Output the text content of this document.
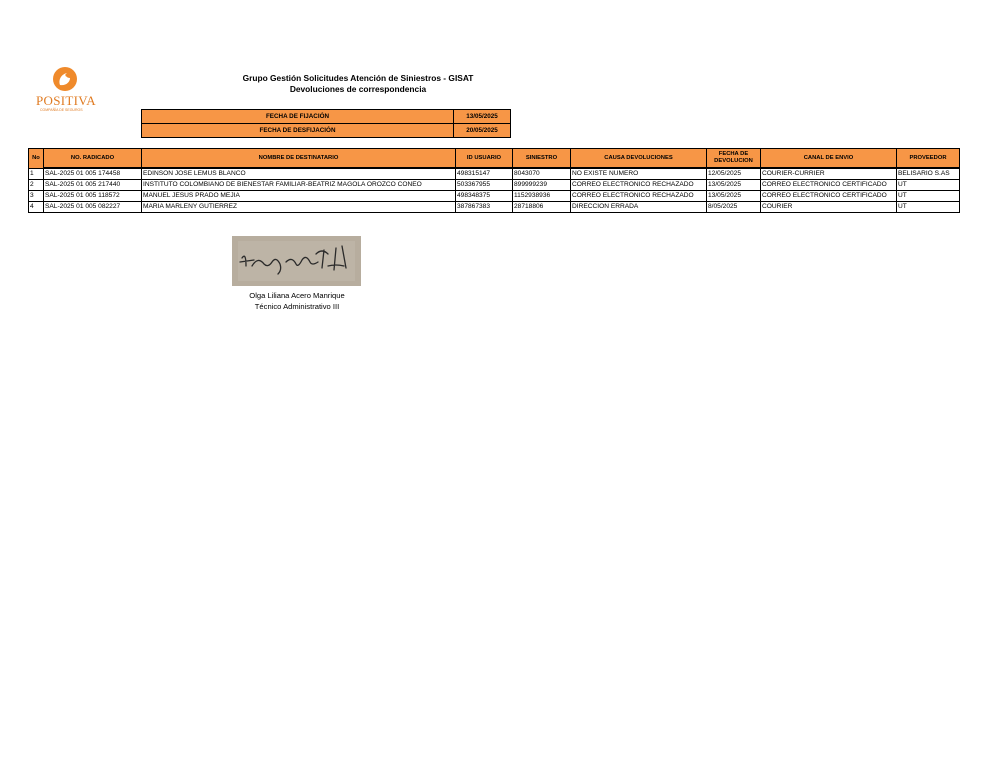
POSITIVA
COMPAÑÍA DE SEGUROS
Grupo Gestión Solicitudes Atención de Siniestros - GISAT
Devoluciones de correspondencia
FECHA DE FIJACIÓN	13/05/2025
FECHA DE DESFIJACIÓN	20/05/2025
No	NO. RADICADO	NOMBRE DE DESTINATARIO	ID USUARIO	SINIESTRO	CAUSA DEVOLUCIONES	FECHA DE DEVOLUCION	CANAL DE ENVIO	PROVEEDOR
1	SAL-2025 01 005 174458	EDINSON JOSE LEMUS BLANCO	498315147	8043070	NO EXISTE NUMERO	12/05/2025	COURIER-CURRIER	BELISARIO S.AS
2	SAL-2025 01 005 217440	INSTITUTO COLOMBIANO DE BIENESTAR FAMILIAR-BEATRIZ MAGOLA OROZCO CONEO	503367955	899999239	CORREO ELECTRONICO RECHAZADO	13/05/2025	CORREO ELECTRONICO CERTIFICADO	UT
3	SAL-2025 01 005 118572	MANUEL JESUS PRADO MEJIA	498348375	1152938936	CORREO ELECTRONICO RECHAZADO	13/05/2025	CORREO ELECTRONICO CERTIFICADO	UT
4	SAL-2025 01 005 082227	MARIA MARLENY GUTIERREZ	387867383	28718806	DIRECCION ERRADA	8/05/2025	COURIER	UT
Olga Liliana Acero Manrique
Técnico Administrativo III
